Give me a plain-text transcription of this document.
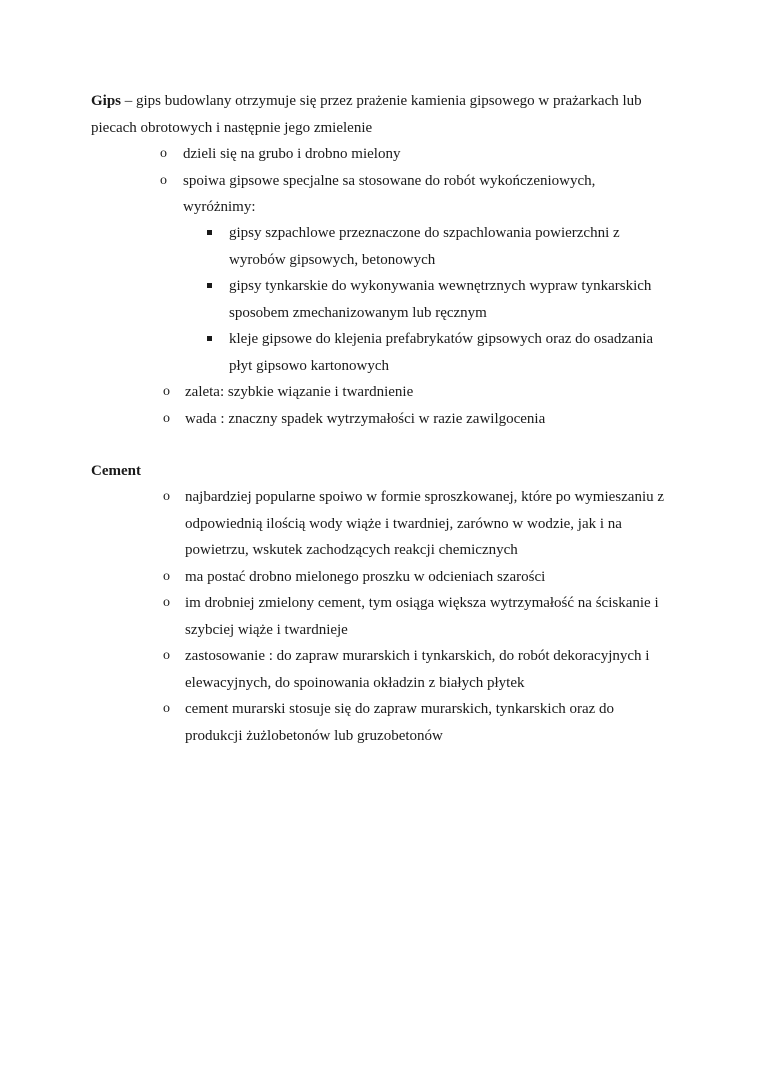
Gips – gips budowlany otrzymuje się przez prażenie kamienia gipsowego w prażarkach lub piecach obrotowych i następnie jego zmielenie

o dzieli się na grubo i drobno mielony
o spoiwa gipsowe specjalne sa stosowane do robót wykończeniowych, wyróżnimy:
gipsy szpachlowe przeznaczone do szpachlowania powierzchni z wyrobów gipsowych, betonowych
gipsy tynkarskie do wykonywania wewnętrznych wypraw tynkarskich sposobem zmechanizowanym lub ręcznym
kleje gipsowe do klejenia prefabrykatów gipsowych oraz do osadzania płyt gipsowo kartonowych
o zaleta: szybkie wiązanie i twardnienie
o wada : znaczny spadek wytrzymałości w razie zawilgocenia

Cement

o najbardziej popularne spoiwo w formie sproszkowanej, które po wymieszaniu z odpowiednią ilością wody wiąże i twardniej, zarówno w wodzie, jak i na powietrzu, wskutek zachodzących reakcji chemicznych
o ma postać drobno mielonego proszku w odcieniach szarości
o im drobniej zmielony cement, tym osiąga większa wytrzymałość na ściskanie i szybciej wiąże i twardnieje
o zastosowanie : do zapraw murarskich i tynkarskich, do robót dekoracyjnych i elewacyjnych, do spoinowania okładzin z białych płytek
o cement murarski stosuje się do zapraw murarskich, tynkarskich oraz do produkcji żużlobetonów lub gruzobetonów
